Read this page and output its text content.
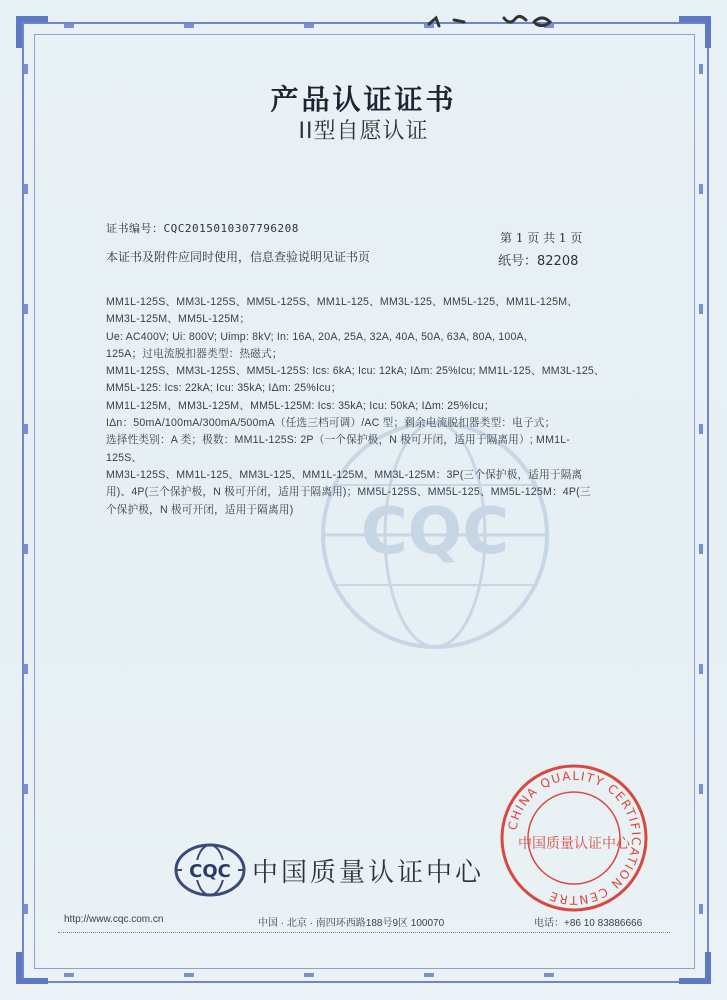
CQC
产品认证证书
II型自愿认证
证书编号：CQC2015010307796208
第 1 页 共 1 页
本证书及附件应同时使用，信息查验说明见证书页	纸号：82208
MM1L-125S、MM3L-125S、MM5L-125S、MM1L-125、MM3L-125、MM5L-125、MM1L-125M、
MM3L-125M、MM5L-125M；
Ue: AC400V; Ui: 800V; Uimp: 8kV; In: 16A, 20A, 25A, 32A, 40A, 50A, 63A, 80A, 100A,
125A；过电流脱扣器类型：热磁式；
MM1L-125S、MM3L-125S、MM5L-125S: Ics: 6kA; Icu: 12kA; IΔm: 25%Icu; MM1L-125、MM3L-125、
MM5L-125: Ics: 22kA; Icu: 35kA; IΔm: 25%Icu；
MM1L-125M、MM3L-125M、MM5L-125M: Ics: 35kA; Icu: 50kA; IΔm: 25%Icu；
IΔn：50mA/100mA/300mA/500mA（任选三档可调）/AC 型；剩余电流脱扣器类型：电子式；
选择性类别：A 类；极数：MM1L-125S: 2P（一个保护极，N 极可开闭，适用于隔离用）; MM1L-125S、
MM3L-125S、MM1L-125、MM3L-125、MM1L-125M、MM3L-125M：3P(三个保护极，适用于隔离
用)、4P(三个保护极，N 极可开闭，适用于隔离用)；MM5L-125S、MM5L-125、MM5L-125M：4P(三
个保护极，N 极可开闭，适用于隔离用)
CQC 中国质量认证中心
CHINA QUALITY CERTIFICATION CENTRE
中国质量认证中心
http://www.cqc.com.cn	中国 · 北京 · 南四环西路188号9区 100070	电话：+86 10 83886666
